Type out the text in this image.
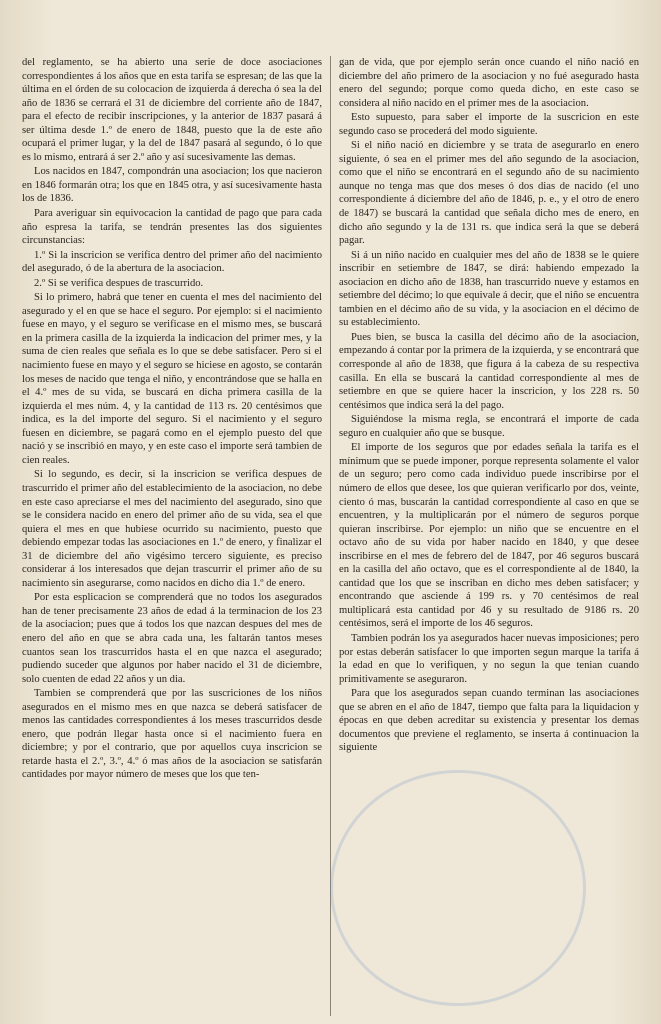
del reglamento, se ha abierto una serie de doce asociaciones correspondientes á los años que en esta tarifa se espresan; de las que la última en el órden de su colocacion de izquierda á derecha ó sea la del año de 1836 se cerrará el 31 de diciembre del corriente año de 1847, para el efecto de recibir inscripciones, y la anterior de 1837 pasará á ser última desde 1.º de enero de 1848, puesto que la de este año ocupará el primer lugar, y la del de 1847 pasará al segundo, ó lo que es lo mismo, entrará á ser 2.º año y así sucesivamente las demas.

Los nacidos en 1847, compondrán una asociacion; los que nacieron en 1846 formarán otra; los que en 1845 otra, y así sucesivamente hasta los de 1836.

Para averiguar sin equivocacion la cantidad de pago que para cada año espresa la tarifa, se tendrán presentes las dos siguientes circunstancias:

1.º Si la inscricion se verifica dentro del primer año del nacimiento del asegurado, ó de la abertura de la asociacion.

2.º Si se verifica despues de trascurrido.

Si lo primero, habrá que tener en cuenta el mes del nacimiento del asegurado y el en que se hace el seguro. Por ejemplo: si el nacimiento fuese en mayo, y el seguro se verificase en el mismo mes, se buscará en la primera casilla de la izquierda la indicacion del primer mes, y la suma de cien reales que señala es lo que se debe satisfacer. Pero si el nacimiento fuese en mayo y el seguro se hiciese en agosto, se contarán los meses de nacido que tenga el niño, y encontrándose que se halla en el 4.º mes de su vida, se buscará en dicha primera casilla de la izquierda el mes núm. 4, y la cantidad de 113 rs. 20 centésimos que indica, es la del importe del seguro. Si el nacimiento y el seguro fuesen en diciembre, se pagará como en el ejemplo puesto del que nació y se inscribió en mayo, y en este caso el importe será tambien de cien reales.

Si lo segundo, es decir, si la inscricion se verifica despues de trascurrido el primer año del establecimiento de la asociacion, no debe en este caso apreciarse el mes del nacimiento del asegurado, sino que se le considera nacido en enero del primer año de su vida, sea el que quiera el mes en que hubiese ocurrido su nacimiento, puesto que debiendo empezar todas las asociaciones en 1.º de enero, y finalizar el 31 de diciembre del año vigésimo tercero siguiente, es preciso considerar á los interesados que dejan trascurrir el primer año de su nacimiento sin asegurarse, como nacidos en dicho dia 1.º de enero.

Por esta esplicacion se comprenderá que no todos los asegurados han de tener precisamente 23 años de edad á la terminacion de los 23 de la asociacion; pues que á todos los que nazcan despues del mes de enero del año en que se abra cada una, les faltarán tantos meses cuantos sean los trascurridos hasta el en que nazca el asegurado; pudiendo suceder que algunos por haber nacido el 31 de diciembre, solo cuenten de edad 22 años y un dia.

Tambien se comprenderá que por las suscriciones de los niños asegurados en el mismo mes en que nazca se deberá satisfacer de menos las cantidades correspondientes á los meses trascurridos desde enero, que podrán llegar hasta once si el nacimiento fuera en diciembre; y por el contrario, que por aquellos cuya inscricion se retarde hasta el 2.º, 3.º, 4.º ó mas años de la asociacion se satisfarán cantidades por mayor número de meses que los que ten-

gan de vida, que por ejemplo serán once cuando el niño nació en diciembre del año primero de la asociacion y no fué asegurado hasta enero del segundo; porque como queda dicho, en este caso se considera al niño nacido en el primer mes de la asociacion.

Esto supuesto, para saber el importe de la suscricion en este segundo caso se procederá del modo siguiente.

Si el niño nació en diciembre y se trata de asegurarlo en enero siguiente, ó sea en el primer mes del año segundo de la asociacion, como que el niño se encontrará en el segundo año de su nacimiento aunque no tenga mas que dos meses ó dos dias de nacido (el uno correspondiente á diciembre del año de 1846, p. e., y el otro de enero de 1847) se buscará la cantidad que señala dicho mes de enero, en dicho año segundo y la de 131 rs. que indica será la que se deberá pagar.

Si á un niño nacido en cualquier mes del año de 1838 se le quiere inscribir en setiembre de 1847, se dirá: habiendo empezado la asociacion en dicho año de 1838, han trascurrido nueve y estamos en setiembre del décimo; lo que equivale á decir, que el niño se encuentra tambien en el décimo año de su vida, y la asociacion en el décimo de su establecimiento.

Pues bien, se busca la casilla del décimo año de la asociacion, empezando á contar por la primera de la izquierda, y se encontrará que corresponde al año de 1838, que figura á la cabeza de su respectiva casilla. En ella se buscará la cantidad correspondiente al mes de setiembre en que se quiere hacer la inscricion, y los 228 rs. 50 centésimos que indica será la del pago.

Siguiéndose la misma regla, se encontrará el importe de cada seguro en cualquier año que se busque.

El importe de los seguros que por edades señala la tarifa es el mínimum que se puede imponer, porque representa solamente el valor de un seguro; pero como cada individuo puede inscribirse por el número de ellos que desee, los que quieran verificarlo por dos, veinte, ciento ó mas, buscarán la cantidad correspondiente al caso en que se encuentren, y la multiplicarán por el número de seguros porque quieran inscribirse. Por ejemplo: un niño que se encuentre en el octavo año de su vida por haber nacido en 1840, y que desee inscribirse en el mes de febrero del de 1847, por 46 seguros buscará en la casilla del año octavo, que es el correspondiente al de 1840, la cantidad que los que se inscriban en dicho mes deben satisfacer; y encontrando que asciende á 199 rs. y 70 centésimos de real multiplicará esta cantidad por 46 y su resultado de 9186 rs. 20 centésimos, será el importe de los 46 seguros.

Tambien podrán los ya asegurados hacer nuevas imposiciones; pero por estas deberán satisfacer lo que importen segun marque la tarifa á la edad en que lo verifiquen, y no segun la que tenian cuando primitivamente se aseguraron.

Para que los asegurados sepan cuando terminan las asociaciones que se abren en el año de 1847, tiempo que falta para la liquidacion y épocas en que deben acreditar su existencia y presentar los demas documentos que previene el reglamento, se inserta á continuacion la siguiente
